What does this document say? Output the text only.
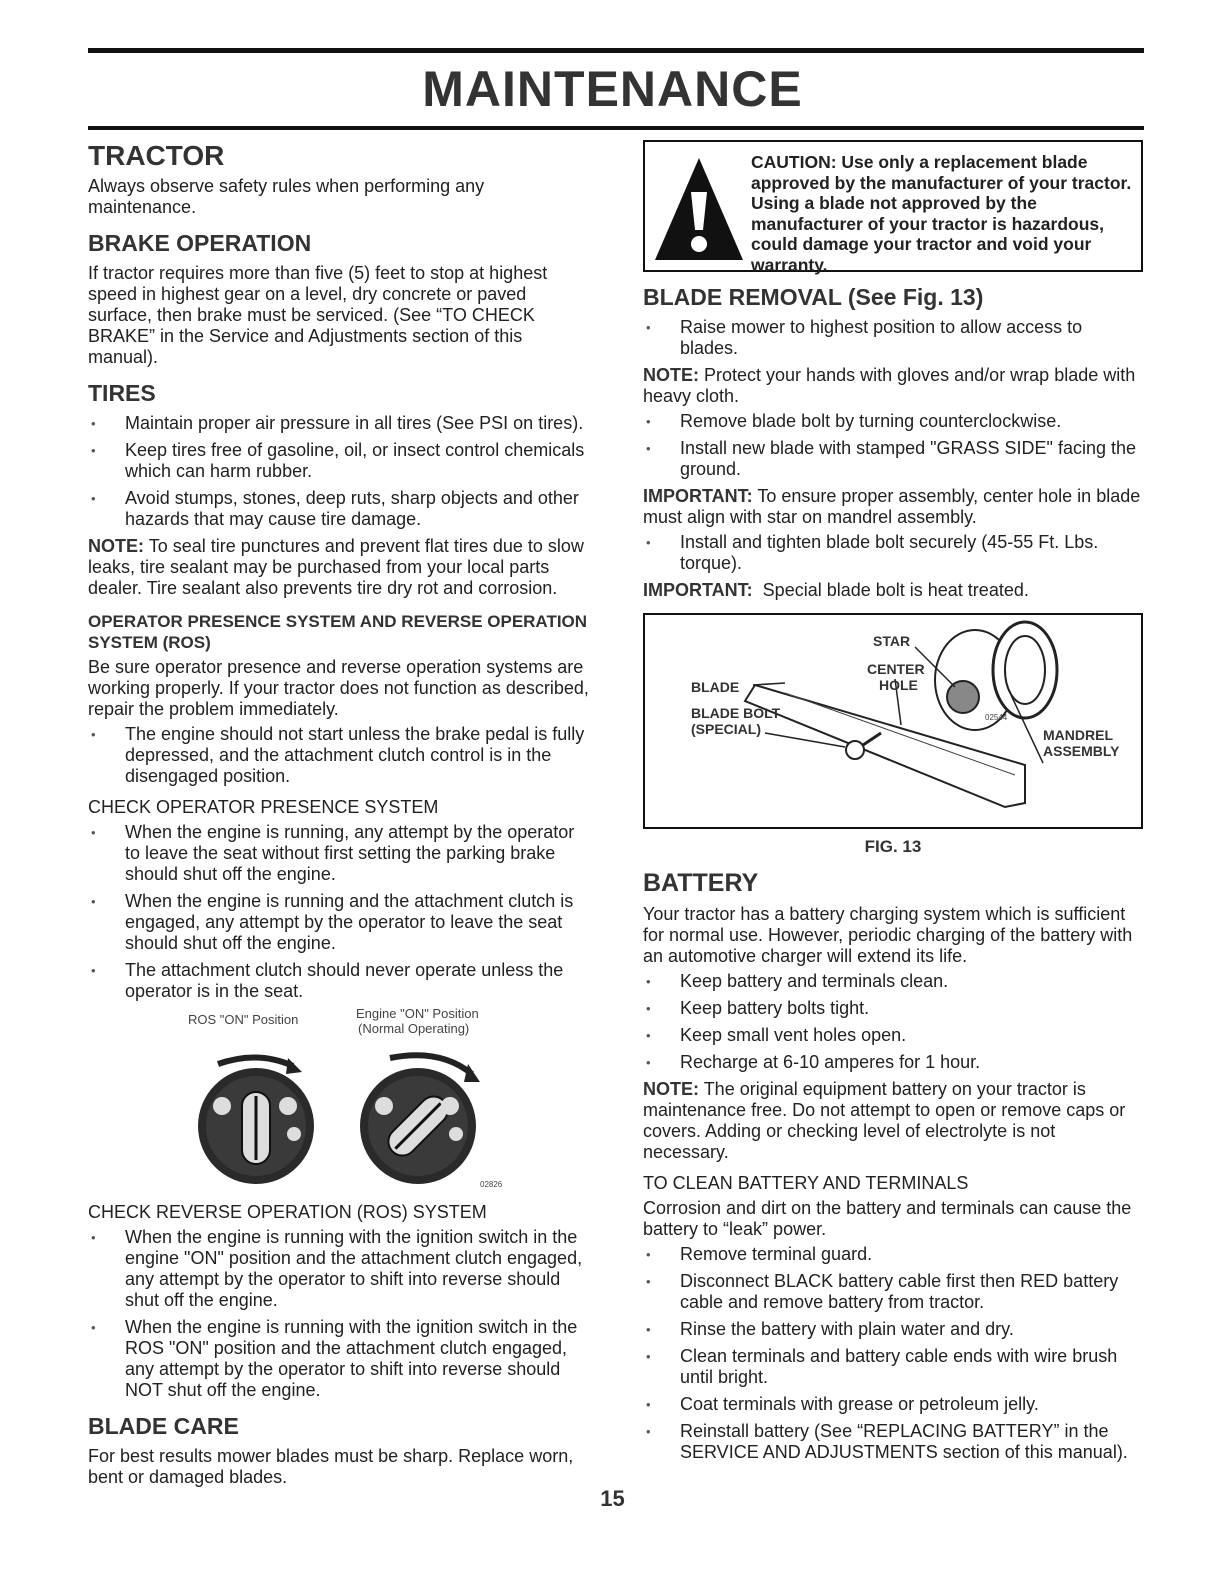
MAINTENANCE
TRACTOR

Always observe safety rules when performing any maintenance.

BRAKE OPERATION

If tractor requires more than five (5) feet to stop at highest speed in highest gear on a level, dry concrete or paved surface, then brake must be serviced. (See “TO CHECK BRAKE” in the Service and Adjustments section of this manual).

TIRES
• Maintain proper air pressure in all tires (See PSI on tires).
• Keep tires free of gasoline, oil, or insect control chemicals which can harm rubber.
• Avoid stumps, stones, deep ruts, sharp objects and other hazards that may cause tire damage.

NOTE: To seal tire punctures and prevent flat tires due to slow leaks, tire sealant may be purchased from your local parts dealer. Tire sealant also prevents tire dry rot and corrosion.

OPERATOR PRESENCE SYSTEM AND REVERSE OPERATION SYSTEM (ROS)

Be sure operator presence and reverse operation systems are working properly. If your tractor does not function as described, repair the problem immediately.

• The engine should not start unless the brake pedal is fully depressed, and the attachment clutch control is in the disengaged position.

CHECK OPERATOR PRESENCE SYSTEM

• When the engine is running, any attempt by the operator to leave the seat without first setting the parking brake should shut off the engine.
• When the engine is running and the attachment clutch is engaged, any attempt by the operator to leave the seat should shut off the engine.
• The attachment clutch should never operate unless the operator is in the seat.
ROS "ON" Position	Engine "ON" Position
(Normal Operating)
02826

CHECK REVERSE OPERATION (ROS) SYSTEM

• When the engine is running with the ignition switch in the engine "ON" position and the attachment clutch engaged, any attempt by the operator to shift into reverse should shut off the engine.
• When the engine is running with the ignition switch in the ROS "ON" position and the attachment clutch engaged, any attempt by the operator to shift into reverse should NOT shut off the engine.
BLADE CARE

For best results mower blades must be sharp. Replace worn, bent or damaged blades.

CAUTION: Use only a replacement blade approved by the manufacturer of your tractor. Using a blade not approved by the manufacturer of your tractor is hazardous, could damage your tractor and void your warranty.
BLADE REMOVAL (See Fig. 13)
• Raise mower to highest position to allow access to blades.

NOTE: Protect your hands with gloves and/or wrap blade with heavy cloth.

• Remove blade bolt by turning counterclockwise.
• Install new blade with stamped "GRASS SIDE" facing the ground.

IMPORTANT: To ensure proper assembly, center hole in blade must align with star on mandrel assembly.

• Install and tighten blade bolt securely (45-55 Ft. Lbs. torque).

IMPORTANT: Special blade bolt is heat treated.

STAR
CENTER
HOLE
BLADE
BLADE BOLT
(SPECIAL)	MANDREL
ASSEMBLY
02544
FIG. 13
BATTERY

Your tractor has a battery charging system which is sufficient for normal use. However, periodic charging of the battery with an automotive charger will extend its life.

• Keep battery and terminals clean.
• Keep battery bolts tight.
• Keep small vent holes open.
• Recharge at 6-10 amperes for 1 hour.

NOTE: The original equipment battery on your tractor is maintenance free. Do not attempt to open or remove caps or covers. Adding or checking level of electrolyte is not necessary.

TO CLEAN BATTERY AND TERMINALS

Corrosion and dirt on the battery and terminals can cause the battery to “leak” power.

• Remove terminal guard.
• Disconnect BLACK battery cable first then RED battery cable and remove battery from tractor.
• Rinse the battery with plain water and dry.
• Clean terminals and battery cable ends with wire brush until bright.
• Coat terminals with grease or petroleum jelly.
• Reinstall battery (See “REPLACING BATTERY” in the SERVICE AND ADJUSTMENTS section of this manual).
15
